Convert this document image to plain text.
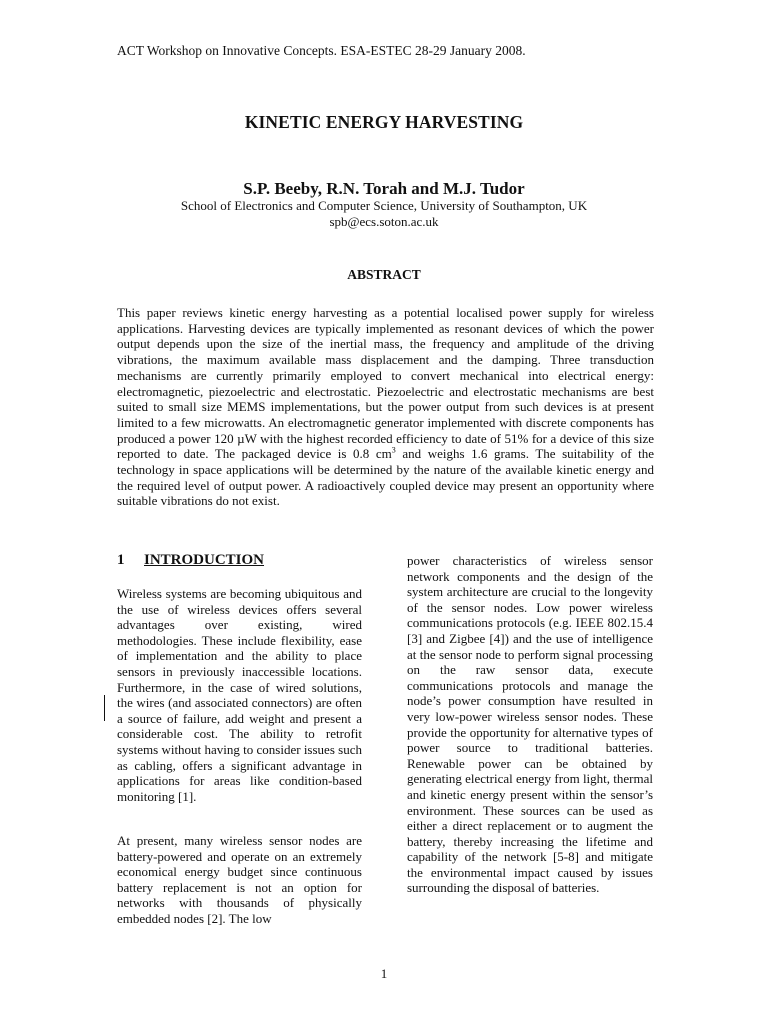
ACT Workshop on Innovative Concepts. ESA-ESTEC 28-29 January 2008.
KINETIC ENERGY HARVESTING
S.P. Beeby, R.N. Torah and M.J. Tudor
School of Electronics and Computer Science, University of Southampton, UK
spb@ecs.soton.ac.uk
ABSTRACT

This paper reviews kinetic energy harvesting as a potential localised power supply for wireless applications. Harvesting devices are typically implemented as resonant devices of which the power output depends upon the size of the inertial mass, the frequency and amplitude of the driving vibrations, the maximum available mass displacement and the damping. Three transduction mechanisms are currently primarily employed to convert mechanical into electrical energy: electromagnetic, piezoelectric and electrostatic. Piezoelectric and electrostatic mechanisms are best suited to small size MEMS implementations, but the power output from such devices is at present limited to a few microwatts. An electromagnetic generator implemented with discrete components has produced a power 120 µW with the highest recorded efficiency to date of 51% for a device of this size reported to date. The packaged device is 0.8 $cm^3$ and weighs 1.6 grams. The suitability of the technology in space applications will be determined by the nature of the available kinetic energy and the required level of output power. A radioactively coupled device may present an opportunity where suitable vibrations do not exist.

1 INTRODUCTION

Wireless systems are becoming ubiquitous and the use of wireless devices offers several advantages over existing, wired methodologies. These include flexibility, ease of implementation and the ability to place sensors in previously inaccessible locations. Furthermore, in the case of wired solutions, the wires (and associated connectors) are often a source of failure, add weight and present a considerable cost. The ability to retrofit systems without having to consider issues such as cabling, offers a significant advantage in applications for areas like condition-based monitoring [1].

At present, many wireless sensor nodes are battery-powered and operate on an extremely economical energy budget since continuous battery replacement is not an option for networks with thousands of physically embedded nodes [2]. The low

power characteristics of wireless sensor network components and the design of the system architecture are crucial to the longevity of the sensor nodes. Low power wireless communications protocols (e.g. IEEE 802.15.4 [3] and Zigbee [4]) and the use of intelligence at the sensor node to perform signal processing on the raw sensor data, execute communications protocols and manage the node’s power consumption have resulted in very low-power wireless sensor nodes. These provide the opportunity for alternative types of power source to traditional batteries. Renewable power can be obtained by generating electrical energy from light, thermal and kinetic energy present within the sensor’s environment. These sources can be used as either a direct replacement or to augment the battery, thereby increasing the lifetime and capability of the network [5-8] and mitigate the environmental impact caused by issues surrounding the disposal of batteries.

1
